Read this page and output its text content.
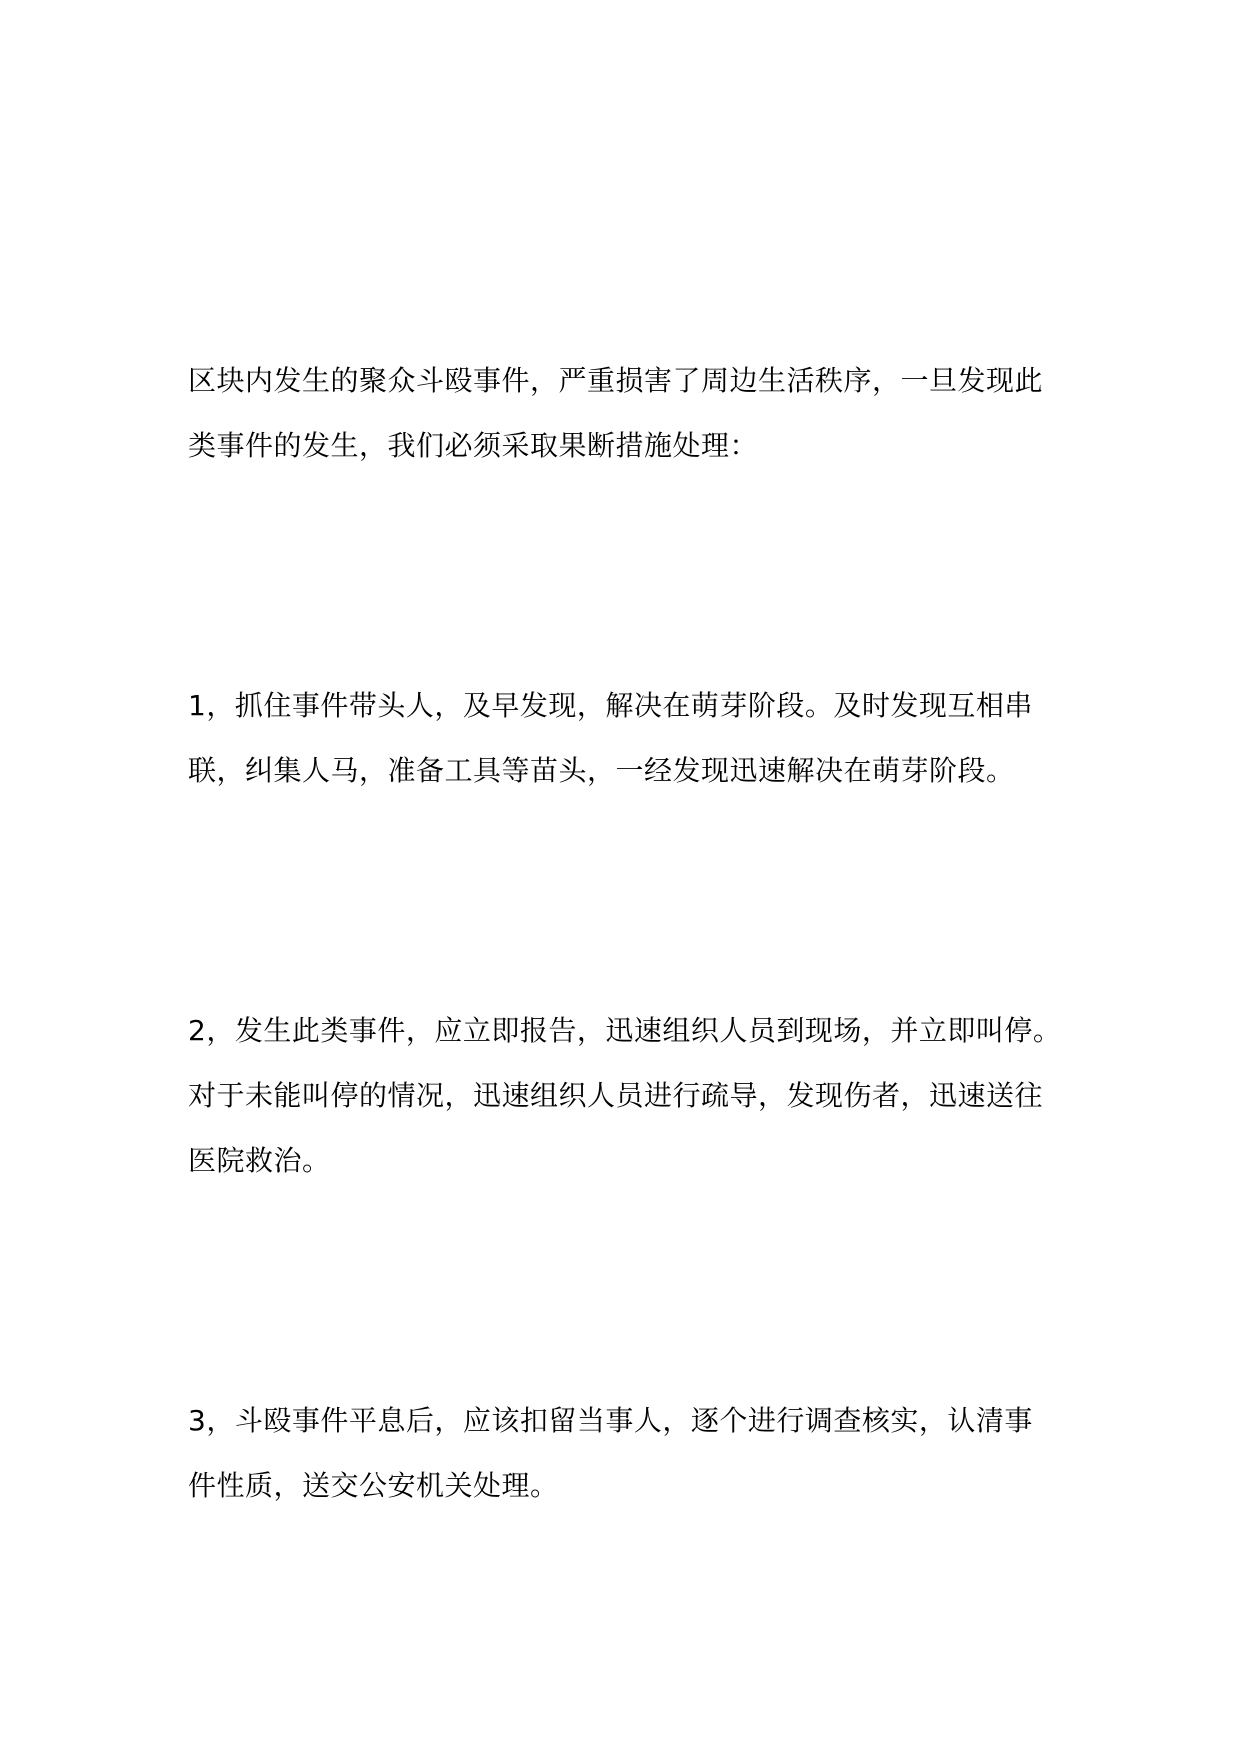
区块内发生的聚众斗殴事件，严重损害了周边生活秩序，一旦发现此
类事件的发生，我们必须采取果断措施处理：

1，抓住事件带头人，及早发现，解决在萌芽阶段。及时发现互相串
联，纠集人马，准备工具等苗头，一经发现迅速解决在萌芽阶段。

2，发生此类事件，应立即报告，迅速组织人员到现场，并立即叫停。
对于未能叫停的情况，迅速组织人员进行疏导，发现伤者，迅速送往
医院救治。

3，斗殴事件平息后，应该扣留当事人，逐个进行调查核实，认清事
件性质，送交公安机关处理。
